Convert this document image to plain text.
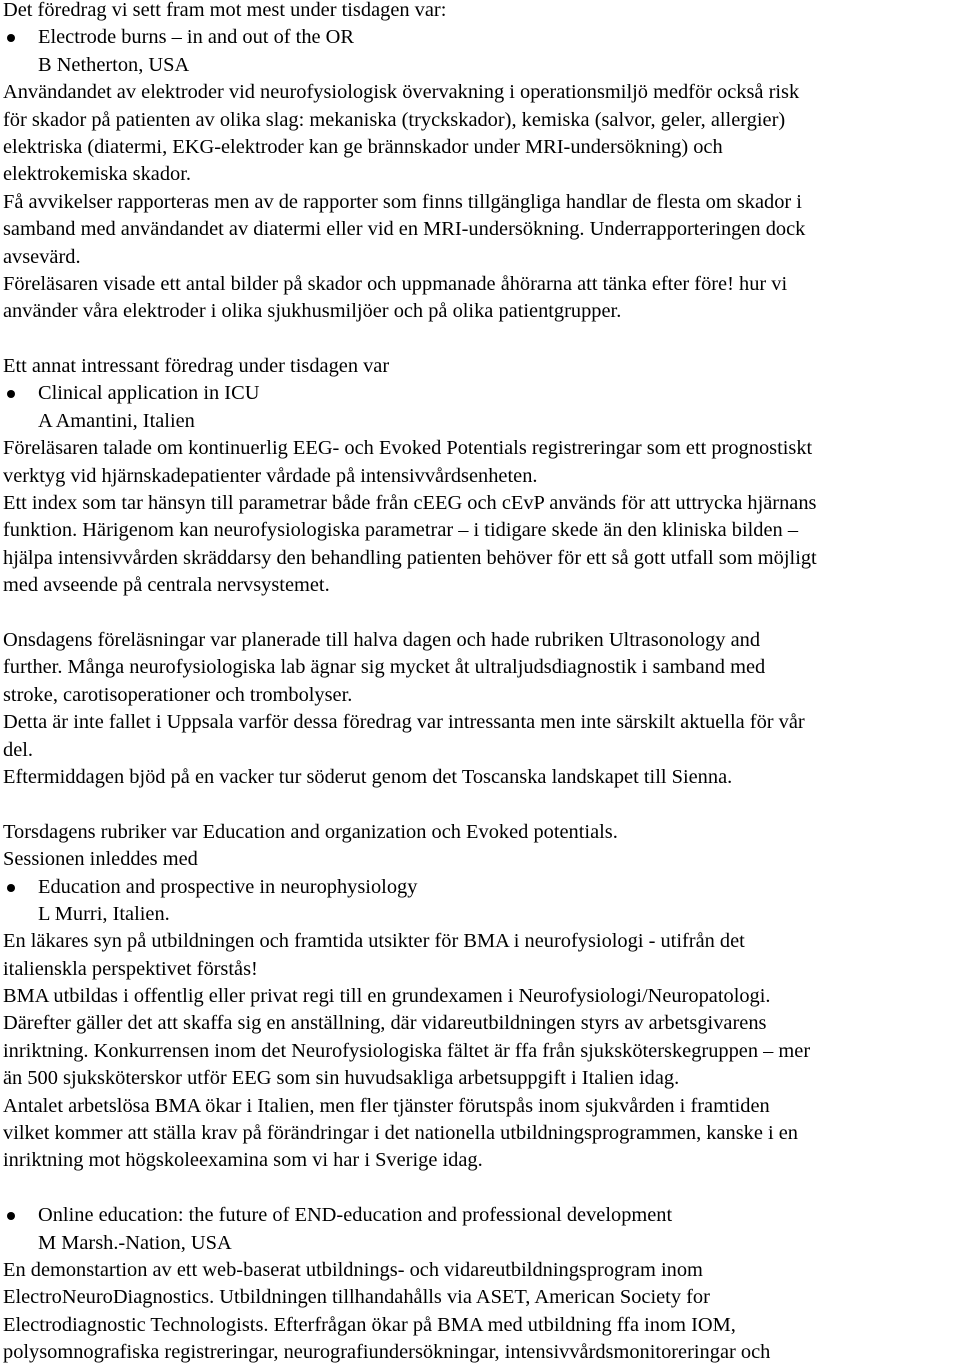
Det föredrag vi sett fram mot mest under tisdagen var:
Electrode burns – in and out of the OR
B Netherton, USA
Användandet av elektroder vid neurofysiologisk övervakning i operationsmiljö medför också risk
för skador på patienten av olika slag: mekaniska (tryckskador), kemiska (salvor, geler, allergier)
elektriska (diatermi, EKG-elektroder kan ge brännskador under MRI-undersökning) och
elektrokemiska skador.
Få avvikelser rapporteras men av de rapporter som finns tillgängliga handlar de flesta om skador i
samband med användandet av diatermi eller vid en MRI-undersökning. Underrapporteringen dock
avsevärd.
Föreläsaren visade ett antal bilder på skador och uppmanade åhörarna att tänka efter före! hur vi
använder våra elektroder i olika sjukhusmiljöer och på olika patientgrupper.
Ett annat intressant föredrag under tisdagen var
Clinical application in ICU
A Amantini, Italien
Föreläsaren talade om kontinuerlig EEG- och Evoked Potentials registreringar som ett prognostiskt
verktyg vid hjärnskadepatienter vårdade på intensivvårdsenheten.
Ett index som tar hänsyn till parametrar både från cEEG och cEvP används för att uttrycka hjärnans
funktion. Härigenom kan neurofysiologiska parametrar – i tidigare skede än den kliniska bilden –
hjälpa intensivvården skräddarsy den behandling patienten behöver för ett så gott utfall som möjligt
med avseende på centrala nervsystemet.
Onsdagens föreläsningar var planerade till halva dagen och hade rubriken Ultrasonology and
further. Många neurofysiologiska lab ägnar sig mycket åt ultraljudsdiagnostik i samband med
stroke, carotisoperationer och trombolyser.
Detta är inte fallet i Uppsala varför dessa föredrag var intressanta men inte särskilt aktuella för vår
del.
Eftermiddagen bjöd på en vacker tur söderut genom det Toscanska landskapet till Sienna.
Torsdagens rubriker var Education and organization och Evoked potentials.
Sessionen inleddes med
Education and prospective in neurophysiology
L Murri, Italien.
En läkares syn på utbildningen och framtida utsikter för BMA i neurofysiologi - utifrån det
italienskla perspektivet förstås!
BMA utbildas i offentlig eller privat regi till en grundexamen i Neurofysiologi/Neuropatologi.
Därefter gäller det att skaffa sig en anställning, där vidareutbildningen styrs av arbetsgivarens
inriktning. Konkurrensen inom det Neurofysiologiska fältet är ffa från sjuksköterskegruppen – mer
än 500 sjuksköterskor utför EEG som sin huvudsakliga arbetsuppgift i Italien idag.
Antalet arbetslösa BMA ökar i Italien, men fler tjänster förutspås inom sjukvården i framtiden
vilket kommer att ställa krav på förändringar i det nationella utbildningsprogrammen, kanske i en
inriktning mot högskoleexamina som vi har i Sverige idag.
Online education: the future of END-education and professional development
M Marsh.-Nation, USA
En demonstartion av ett web-baserat utbildnings- och vidareutbildningsprogram inom
ElectroNeuroDiagnostics. Utbildningen tillhandahålls via ASET, American Society for
Electrodiagnostic Technologists. Efterfrågan ökar på BMA med utbildning ffa inom IOM,
polysomnografiska registreringar, neurografiundersökningar, intensivvårdsmonitoreringar och
